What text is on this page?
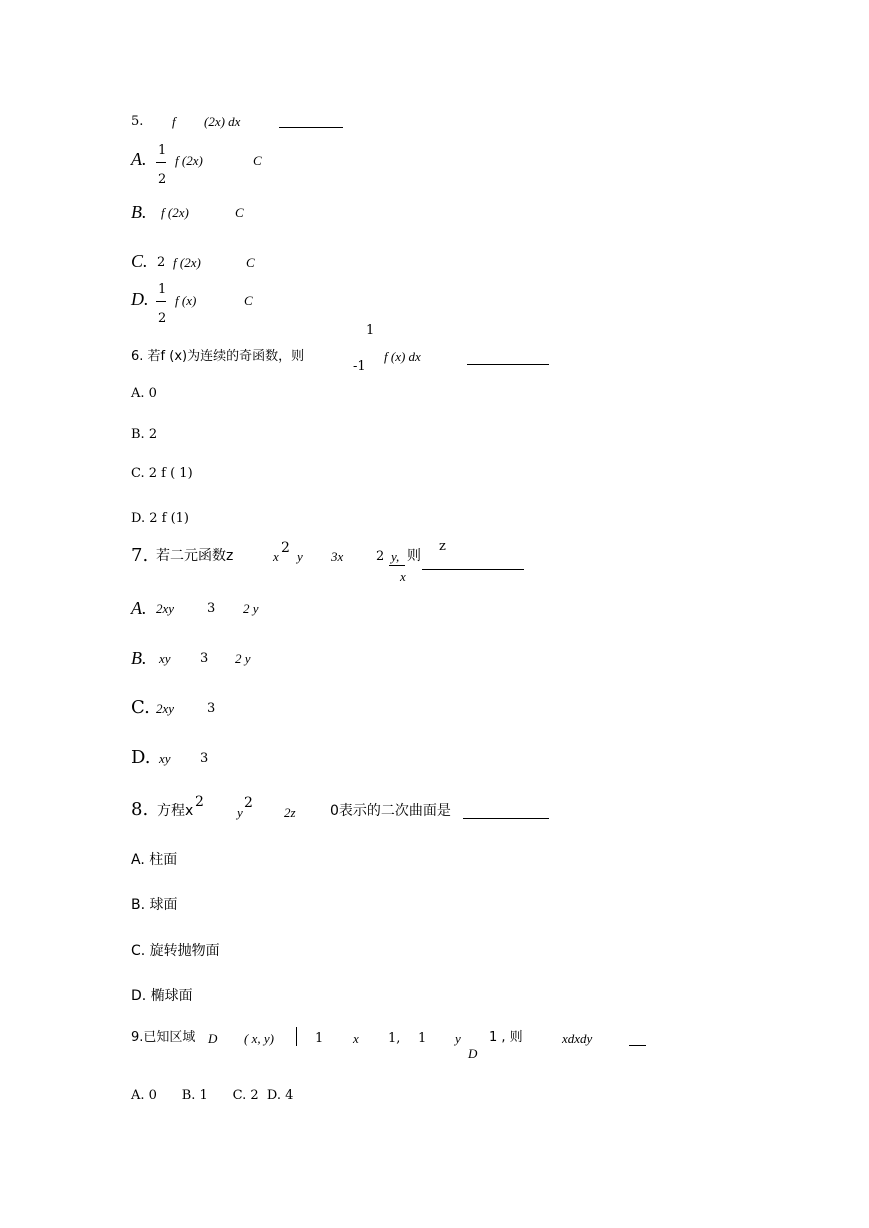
5. f (2x) dx
A. 1
2
f (2x)	C
B. f (2x)	C
C. 2 f (2x)	C
D. 1
2
f (x)	C
1
6. 若f (x)为连续的奇函数，则
-1
f (x) dx
A. 0
B. 2
C. 2 f ( 1)
D. 2 f (1)
7. 若二元函数z	x
2
y 3x	2 y, 则
z
x
A. 2xy	3 2 y
B. xy 3 2 y
C. 2xy	3
D. xy 3
8. 方程x
2
y
2
2z 0表示的二次曲面是
A. 柱面
B. 球面
C. 旋转抛物面
D. 椭球面
9.已知区域 D ( x, y)	1 x 1, 1 y
D
1 , 则	xdxdy
A. 0      B. 1      C. 2  D. 4
